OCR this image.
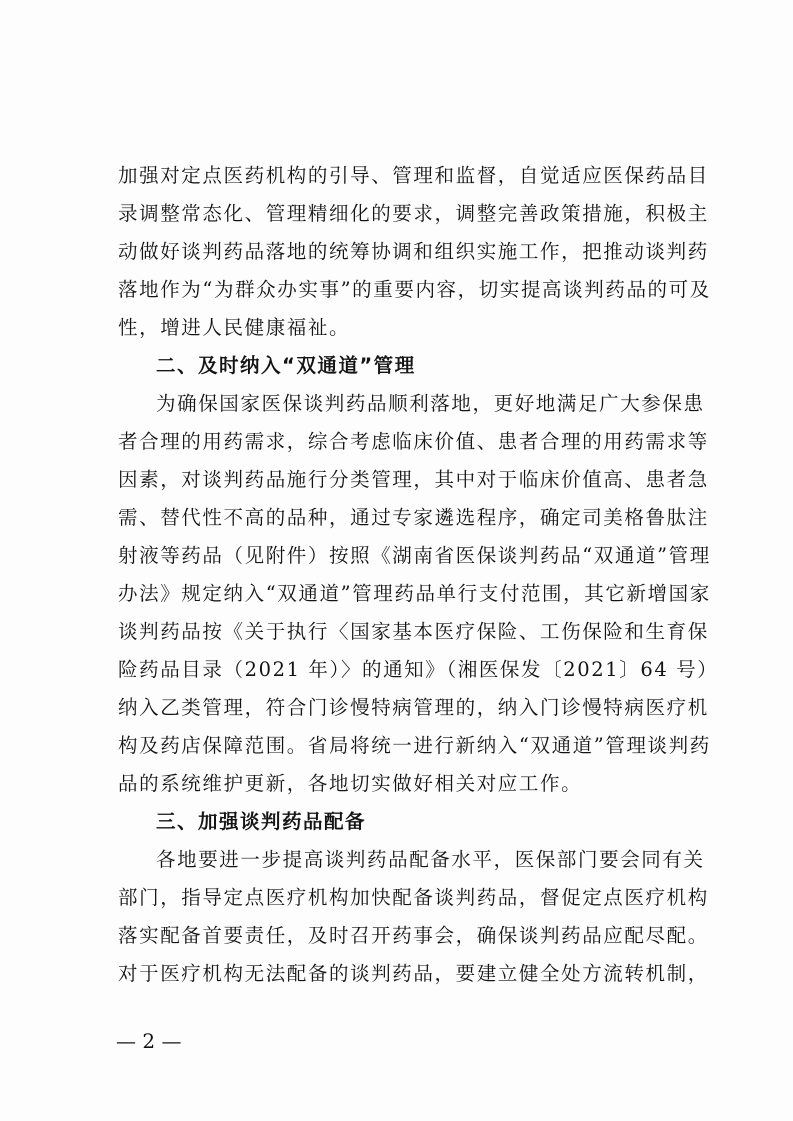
加强对定点医药机构的引导、管理和监督，自觉适应医保药品目
录调整常态化、管理精细化的要求，调整完善政策措施，积极主
动做好谈判药品落地的统筹协调和组织实施工作，把推动谈判药
落地作为“为群众办实事”的重要内容，切实提高谈判药品的可及
性，增进人民健康福祉。
二、及时纳入“双通道”管理
为确保国家医保谈判药品顺利落地，更好地满足广大参保患
者合理的用药需求，综合考虑临床价值、患者合理的用药需求等
因素，对谈判药品施行分类管理，其中对于临床价值高、患者急
需、替代性不高的品种，通过专家遴选程序，确定司美格鲁肽注
射液等药品（见附件）按照《湖南省医保谈判药品“双通道”管理
办法》规定纳入“双通道”管理药品单行支付范围，其它新增国家
谈判药品按《关于执行〈国家基本医疗保险、工伤保险和生育保
险药品目录（2021 年）〉的通知》（湘医保发〔2021〕64 号）
纳入乙类管理，符合门诊慢特病管理的，纳入门诊慢特病医疗机
构及药店保障范围。省局将统一进行新纳入“双通道”管理谈判药
品的系统维护更新，各地切实做好相关对应工作。
三、加强谈判药品配备
各地要进一步提高谈判药品配备水平，医保部门要会同有关
部门，指导定点医疗机构加快配备谈判药品，督促定点医疗机构
落实配备首要责任，及时召开药事会，确保谈判药品应配尽配。
对于医疗机构无法配备的谈判药品，要建立健全处方流转机制，
— 2 —
